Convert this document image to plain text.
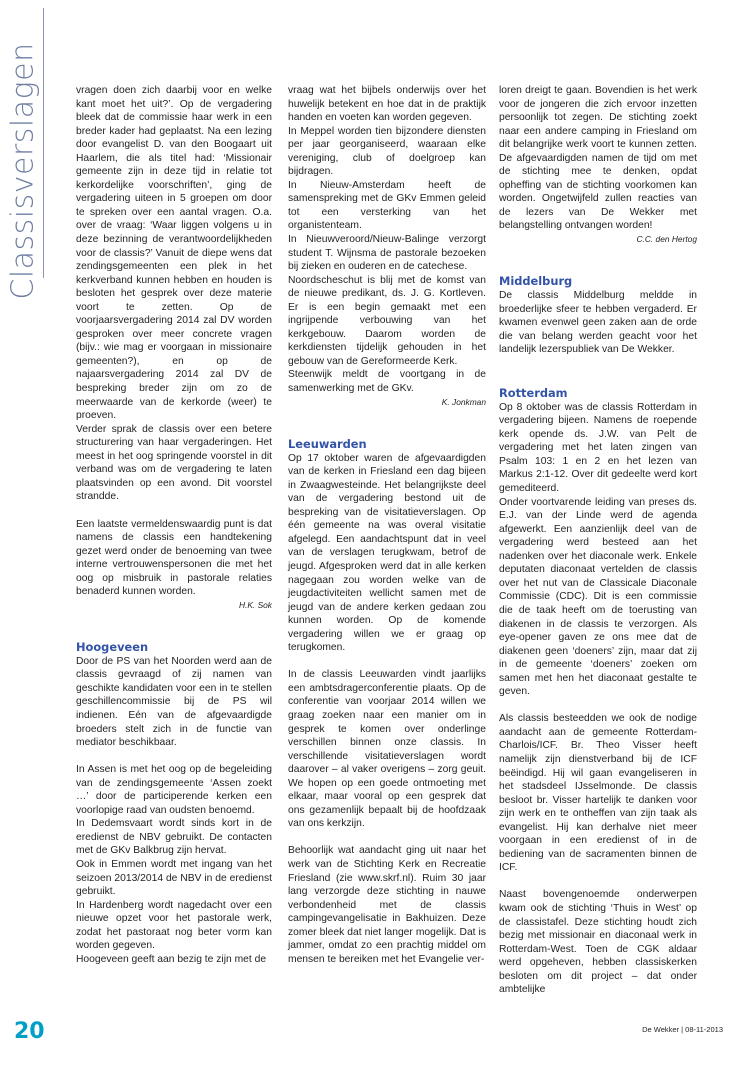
Classisverslagen	vragen doen zich daarbij voor en welke kant moet het uit?’. Op de vergadering bleek dat de commissie haar werk in een breder kader had geplaatst. Na een lezing door evangelist D. van den Boogaart uit Haarlem, die als titel had: ‘Missionair gemeente zijn in deze tijd in relatie tot kerkordelijke voorschriften’, ging de vergadering uiteen in 5 groepen om door te spreken over een aantal vragen. O.a. over de vraag: ‘Waar liggen volgens u in deze bezinning de verantwoordelijkheden voor de classis?’ Vanuit de diepe wens dat zendingsgemeenten een plek in het kerkverband kunnen hebben en houden is besloten het gesprek over deze materie voort te zetten. Op de voorjaarsvergadering 2014 zal DV worden gesproken over meer concrete vragen (bijv.: wie mag er voorgaan in missionaire gemeenten?), en op de najaarsvergadering 2014 zal DV de bespreking breder zijn om zo de meerwaarde van de kerkorde (weer) te proeven.

Verder sprak de classis over een betere structurering van haar vergaderingen. Het meest in het oog springende voorstel in dit verband was om de vergadering te laten plaatsvinden op een avond. Dit voorstel strandde.

Een laatste vermeldenswaardig punt is dat namens de classis een handtekening gezet werd onder de benoeming van twee interne vertrouwenspersonen die met het oog op misbruik in pastorale relaties benaderd kunnen worden.

H.K. Sok

Hoogeveen

Door de PS van het Noorden werd aan de classis gevraagd of zij namen van geschikte kandidaten voor een in te stellen geschillencommissie bij de PS wil indienen. Eén van de afgevaardigde broeders stelt zich in de functie van mediator beschikbaar.

In Assen is met het oog op de begeleiding van de zendingsgemeente ‘Assen zoekt …’ door de participerende kerken een voorlopige raad van oudsten benoemd.

In Dedemsvaart wordt sinds kort in de eredienst de NBV gebruikt. De contacten met de GKv Balkbrug zijn hervat.

Ook in Emmen wordt met ingang van het seizoen 2013/2014 de NBV in de eredienst gebruikt.

In Hardenberg wordt nagedacht over een nieuwe opzet voor het pastorale werk, zodat het pastoraat nog beter vorm kan worden gegeven.

Hoogeveen geeft aan bezig te zijn met de

vraag wat het bijbels onderwijs over het huwelijk betekent en hoe dat in de praktijk handen en voeten kan worden gegeven.

In Meppel worden tien bijzondere diensten per jaar georganiseerd, waaraan elke vereniging, club of doelgroep kan bijdragen.

In Nieuw-Amsterdam heeft de samenspreking met de GKv Emmen geleid tot een versterking van het organistenteam.

In Nieuwveroord/Nieuw-Balinge verzorgt student T. Wijnsma de pastorale bezoeken bij zieken en ouderen en de catechese.

Noordscheschut is blij met de komst van de nieuwe predikant, ds. J. G. Kortleven. Er is een begin gemaakt met een ingrijpende verbouwing van het kerkgebouw. Daarom worden de kerkdiensten tijdelijk gehouden in het gebouw van de Gereformeerde Kerk.

Steenwijk meldt de voortgang in de samenwerking met de GKv.

K. Jonkman

Leeuwarden

Op 17 oktober waren de afgevaardigden van de kerken in Friesland een dag bijeen in Zwaagwesteinde. Het belangrijkste deel van de vergadering bestond uit de bespreking van de visitatieverslagen. Op één gemeente na was overal visitatie afgelegd. Een aandachtspunt dat in veel van de verslagen terugkwam, betrof de jeugd. Afgesproken werd dat in alle kerken nagegaan zou worden welke van de jeugdactiviteiten wellicht samen met de jeugd van de andere kerken gedaan zou kunnen worden. Op de komende vergadering willen we er graag op terugkomen.

In de classis Leeuwarden vindt jaarlijks een ambtsdragerconferentie plaats. Op de conferentie van voorjaar 2014 willen we graag zoeken naar een manier om in gesprek te komen over onderlinge verschillen binnen onze classis. In verschillende visitatieverslagen wordt daarover – al vaker overigens – zorg geuit. We hopen op een goede ontmoeting met elkaar, maar vooral op een gesprek dat ons gezamenlijk bepaalt bij de hoofdzaak van ons kerkzijn.

Behoorlijk wat aandacht ging uit naar het werk van de Stichting Kerk en Recreatie Friesland (zie www.skrf.nl). Ruim 30 jaar lang verzorgde deze stichting in nauwe verbondenheid met de classis campingevangelisatie in Bakhuizen. Deze zomer bleek dat niet langer mogelijk. Dat is jammer, omdat zo een prachtig middel om mensen te bereiken met het Evangelie ver-

loren dreigt te gaan. Bovendien is het werk voor de jongeren die zich ervoor inzetten persoonlijk tot zegen. De stichting zoekt naar een andere camping in Friesland om dit belangrijke werk voort te kunnen zetten. De afgevaardigden namen de tijd om met de stichting mee te denken, opdat opheffing van de stichting voorkomen kan worden. Ongetwijfeld zullen reacties van de lezers van De Wekker met belangstelling ontvangen worden!

C.C. den Hertog

Middelburg

De classis Middelburg meldde in broederlijke sfeer te hebben vergaderd. Er kwamen evenwel geen zaken aan de orde die van belang werden geacht voor het landelijk lezerspubliek van De Wekker.

Rotterdam

Op 8 oktober was de classis Rotterdam in vergadering bijeen. Namens de roepende kerk opende ds. J.W. van Pelt de vergadering met het laten zingen van Psalm 103: 1 en 2 en het lezen van Markus 2:1-12. Over dit gedeelte werd kort gemediteerd.

Onder voortvarende leiding van preses ds. E.J. van der Linde werd de agenda afgewerkt. Een aanzienlijk deel van de vergadering werd besteed aan het nadenken over het diaconale werk. Enkele deputaten diaconaat vertelden de classis over het nut van de Classicale Diaconale Commissie (CDC). Dit is een commissie die de taak heeft om de toerusting van diakenen in de classis te verzorgen. Als eye-opener gaven ze ons mee dat de diakenen geen ‘doeners’ zijn, maar dat zij in de gemeente ‘doeners’ zoeken om samen met hen het diaconaat gestalte te geven.

Als classis besteedden we ook de nodige aandacht aan de gemeente Rotterdam-Charlois/ICF. Br. Theo Visser heeft namelijk zijn dienstverband bij de ICF beëindigd. Hij wil gaan evangeliseren in het stadsdeel IJsselmonde. De classis besloot br. Visser hartelijk te danken voor zijn werk en te ontheffen van zijn taak als evangelist. Hij kan derhalve niet meer voorgaan in een eredienst of in de bediening van de sacramenten binnen de ICF.

Naast bovengenoemde onderwerpen kwam ook de stichting ‘Thuis in West’ op de classistafel. Deze stichting houdt zich bezig met missionair en diaconaal werk in Rotterdam-West. Toen de CGK aldaar werd opgeheven, hebben classiskerken besloten om dit project – dat onder ambtelijke

20	De Wekker | 08-11-2013
